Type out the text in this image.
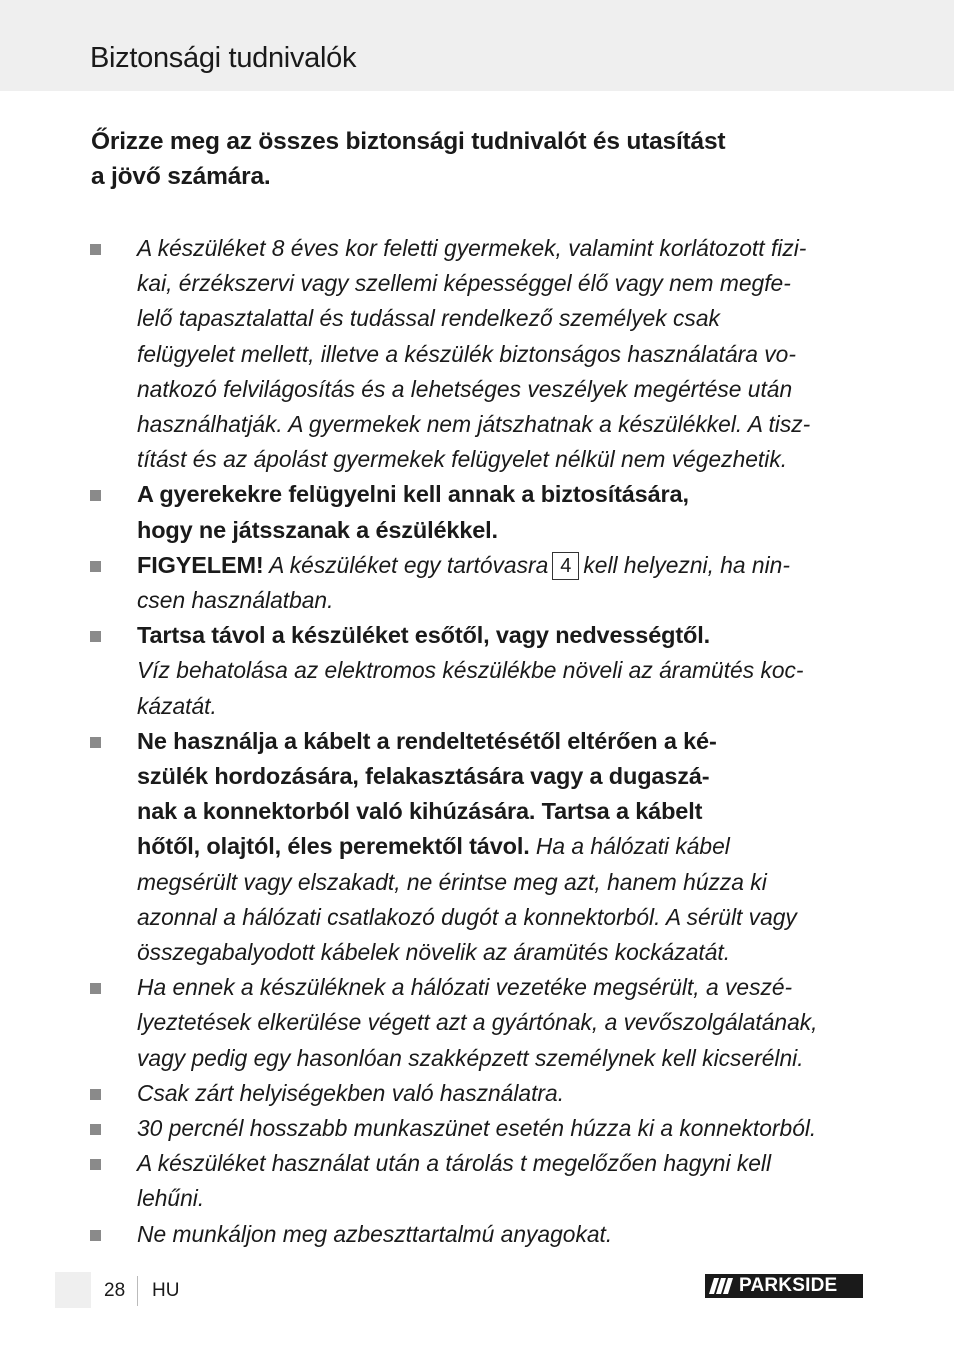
Biztonsági tudnivalók
Őrizze meg az összes biztonsági tudnivalót és utasítást
a jövő számára.
A készüléket 8 éves kor feletti gyermekek, valamint korlátozott fizi-
kai, érzékszervi vagy szellemi képességgel élő vagy nem megfe-
lelő tapasztalattal és tudással rendelkező személyek csak
felügyelet mellett, illetve a készülék biztonságos használatára vo-
natkozó felvilágosítás és a lehetséges veszélyek megértése után
használhatják. A gyermekek nem játszhatnak a készülékkel. A tisz-
títást és az ápolást gyermekek felügyelet nélkül nem végezhetik.
A gyerekekre felügyelni kell annak a biztosítására,
hogy ne játsszanak a észülékkel.
FIGYELEM! A készüléket egy tartóvasra 4 kell helyezni, ha nin-
csen használatban.
Tartsa távol a készüléket esőtől, vagy nedvességtől.
Víz behatolása az elektromos készülékbe növeli az áramütés koc-
kázatát.
Ne használja a kábelt a rendeltetésétől eltérően a ké-
szülék hordozására, felakasztására vagy a dugaszá-
nak a konnektorból való kihúzására. Tartsa a kábelt
hőtől, olajtól, éles peremektől távol. Ha a hálózati kábel
megsérült vagy elszakadt, ne érintse meg azt, hanem húzza ki
azonnal a hálózati csatlakozó dugót a konnektorból. A sérült vagy
összegabalyodott kábelek növelik az áramütés kockázatát.
Ha ennek a készüléknek a hálózati vezetéke megsérült, a veszé-
lyeztetések elkerülése végett azt a gyártónak, a vevőszolgálatának,
vagy pedig egy hasonlóan szakképzett személynek kell kicserélni.
Csak zárt helyiségekben való használatra.
30 percnél hosszabb munkaszünet esetén húzza ki a konnektorból.
A készüléket használat után a tárolás t megelőzően hagyni kell
lehűni.
Ne munkáljon meg azbeszttartalmú anyagokat.
28 HU	PARKSIDE
